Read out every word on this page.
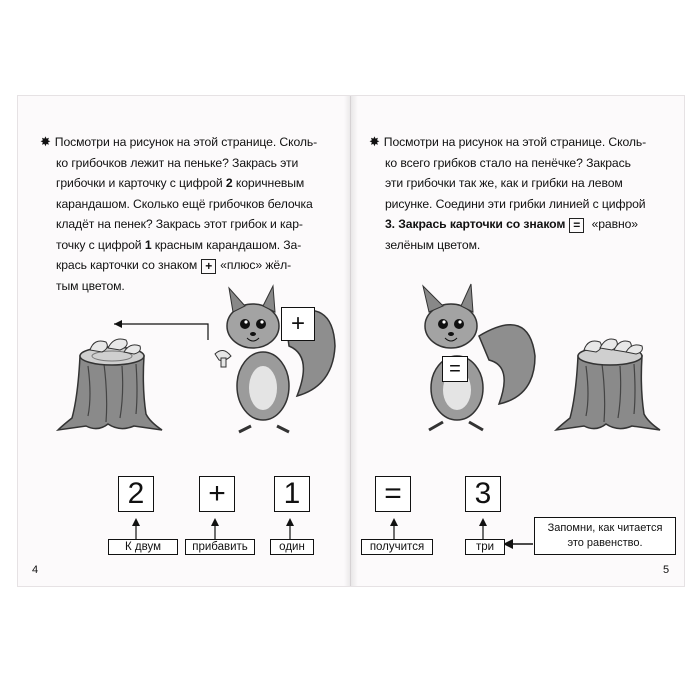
✸ Посмотри на рисунок на этой странице. Сколь-
ко грибочков лежит на пеньке? Закрась эти
грибочки и карточку с цифрой 2 коричневым
карандашом. Сколько ещё грибочков белочка
кладёт на пенек? Закрась этот грибок и кар-
точку с цифрой 1 красным карандашом. За-
крась карточки со знаком + «плюс» жёл-
тым цветом.
+
2	+	1
К двум	прибавить	один
4
✸ Посмотри на рисунок на этой странице. Сколь-
ко всего грибков стало на пенёчке? Закрась
эти грибочки так же, как и грибки на левом
рисунке. Соедини эти грибки линией с цифрой
3. Закрась карточки со знаком = «равно»
зелёным цветом.
=
=	3
получится	три
Запомни, как читается
это равенство.
5
